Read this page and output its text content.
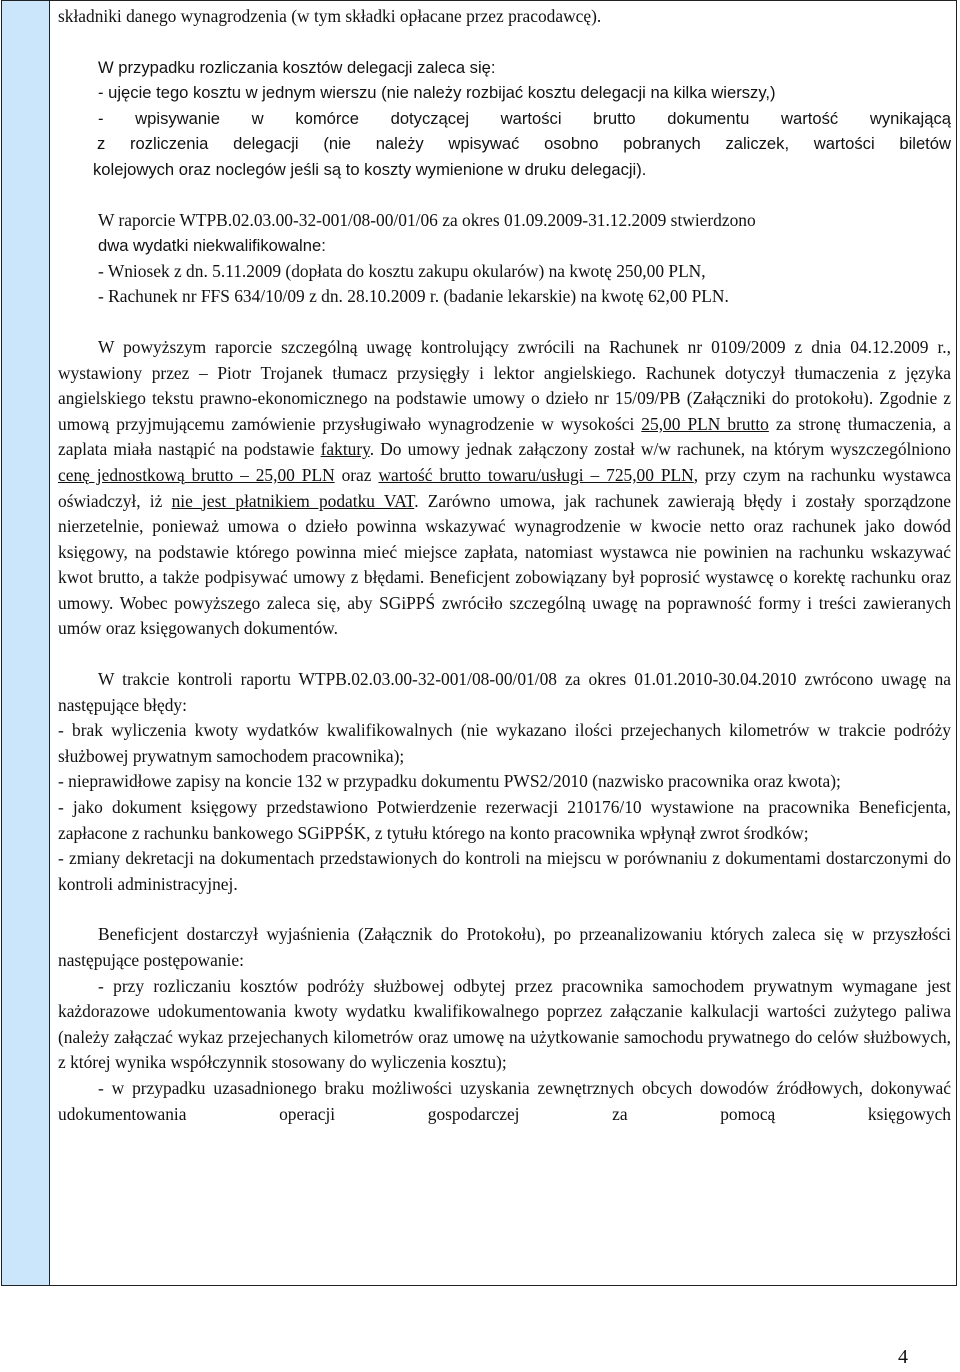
składniki danego wynagrodzenia (w tym składki opłacane przez pracodawcę).

W przypadku rozliczania kosztów delegacji zaleca się:

- ujęcie tego kosztu w jednym wierszu (nie należy rozbijać kosztu delegacji na kilka wierszy,)

- wpisywanie w komórce dotyczącej wartości brutto dokumentu wartość wynikającą

z rozliczenia delegacji (nie należy wpisywać osobno pobranych zaliczek, wartości biletów

kolejowych oraz noclegów jeśli są to koszty wymienione w druku delegacji).

W raporcie WTPB.02.03.00-32-001/08-00/01/06 za okres 01.09.2009-31.12.2009 stwierdzono

dwa wydatki niekwalifikowalne:

- Wniosek z dn. 5.11.2009 (dopłata do kosztu zakupu okularów) na kwotę 250,00 PLN,

- Rachunek nr FFS 634/10/09 z dn. 28.10.2009 r. (badanie lekarskie) na kwotę 62,00 PLN.

W powyższym raporcie szczególną uwagę kontrolujący zwrócili na Rachunek nr 0109/2009 z dnia 04.12.2009 r., wystawiony przez – Piotr Trojanek tłumacz przysięgły i lektor angielskiego. Rachunek dotyczył tłumaczenia z języka angielskiego tekstu prawno-ekonomicznego na podstawie umowy o dzieło nr 15/09/PB (Załączniki do protokołu). Zgodnie z umową przyjmującemu zamówienie przysługiwało wynagrodzenie w wysokości 25,00 PLN brutto za stronę tłumaczenia, a zaplata miała nastąpić na podstawie faktury. Do umowy jednak załączony został w/w rachunek, na którym wyszczególniono cenę jednostkową brutto – 25,00 PLN oraz wartość brutto towaru/usługi – 725,00 PLN, przy czym na rachunku wystawca oświadczył, iż nie jest płatnikiem podatku VAT. Zarówno umowa, jak rachunek zawierają błędy i zostały sporządzone nierzetelnie, ponieważ umowa o dzieło powinna wskazywać wynagrodzenie w kwocie netto oraz rachunek jako dowód księgowy, na podstawie którego powinna mieć miejsce zapłata, natomiast wystawca nie powinien na rachunku wskazywać kwot brutto, a także podpisywać umowy z błędami. Beneficjent zobowiązany był poprosić wystawcę o korektę rachunku oraz umowy. Wobec powyższego zaleca się, aby SGiPPŚ zwróciło szczególną uwagę na poprawność formy i treści zawieranych umów oraz księgowanych dokumentów.

W trakcie kontroli raportu WTPB.02.03.00-32-001/08-00/01/08 za okres 01.01.2010-30.04.2010 zwrócono uwagę na następujące błędy:

- brak wyliczenia kwoty wydatków kwalifikowalnych (nie wykazano ilości przejechanych kilometrów w trakcie podróży służbowej prywatnym samochodem pracownika);

- nieprawidłowe zapisy na koncie 132 w przypadku dokumentu PWS2/2010 (nazwisko pracownika oraz kwota);

- jako dokument księgowy przedstawiono Potwierdzenie rezerwacji 210176/10 wystawione na pracownika Beneficjenta, zapłacone z rachunku bankowego SGiPPŚK, z tytułu którego na konto pracownika wpłynął zwrot środków;

- zmiany dekretacji na dokumentach przedstawionych do kontroli na miejscu w porównaniu z dokumentami dostarczonymi do kontroli administracyjnej.

Beneficjent dostarczył wyjaśnienia (Załącznik do Protokołu), po przeanalizowaniu których zaleca się w przyszłości następujące postępowanie:

- przy rozliczaniu kosztów podróży służbowej odbytej przez pracownika samochodem prywatnym wymagane jest każdorazowe udokumentowania kwoty wydatku kwalifikowalnego poprzez załączanie kalkulacji wartości zużytego paliwa (należy załączać wykaz przejechanych kilometrów oraz umowę na użytkowanie samochodu prywatnego do celów służbowych, z której wynika współczynnik stosowany do wyliczenia kosztu);

- w przypadku uzasadnionego braku możliwości uzyskania zewnętrznych obcych dowodów źródłowych, dokonywać udokumentowania operacji gospodarczej za pomocą księgowych

4
